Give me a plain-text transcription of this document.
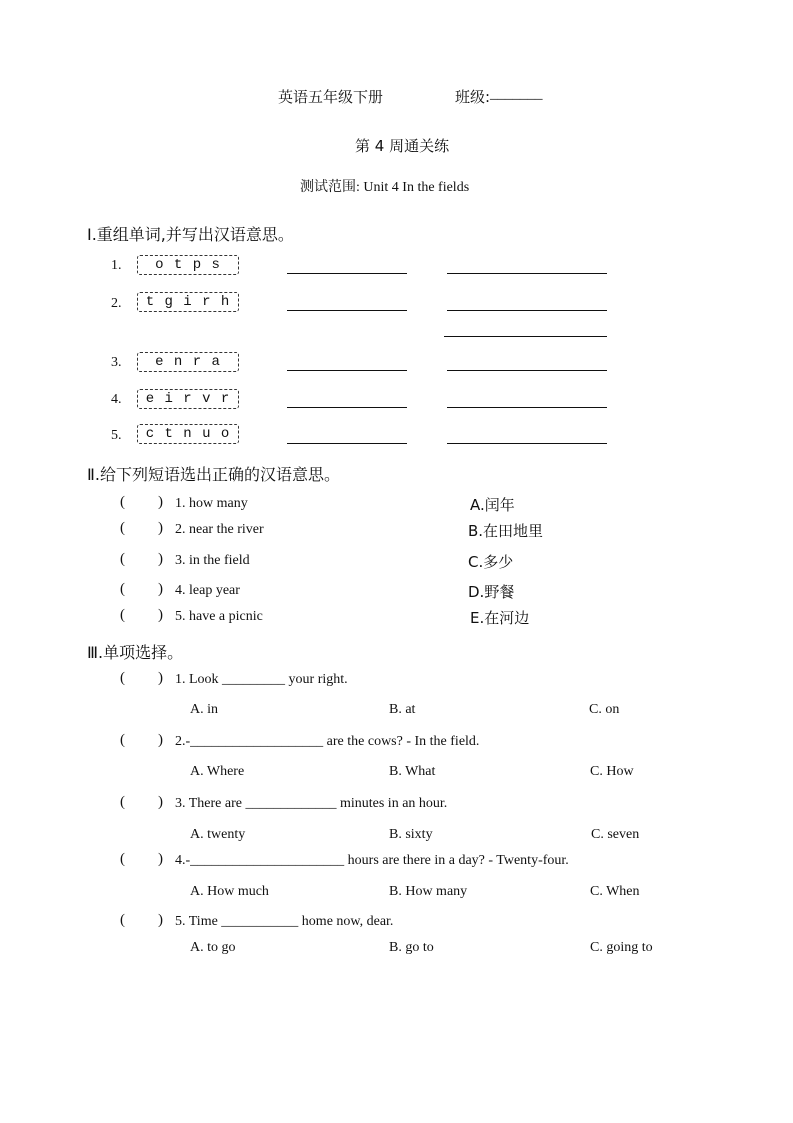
英语五年级下册	班级: _______
第 4 周通关练
测试范围: Unit 4 In the fields
I.重组单词,并写出汉语意思。
1.	o t p s
2.	t g i r h
3.	e n r a
4.	e i r v r
5.	c t n u o
Ⅱ.给下列短语选出正确的汉语意思。
( ) 1. how many	A.闰年
( ) 2. near the river	B.在田地里
( ) 3. in the field	C.多少
( ) 4. leap year	D.野餐
( ) 5. have a picnic	E.在河边
Ⅲ.单项选择。
( ) 1. Look _________ your right.
A. in	B. at	C. on
( ) 2.-___________________ are the cows? - In the field.
A. Where	B. What	C. How
( ) 3. There are _____________ minutes in an hour.
A. twenty	B. sixty	C. seven
( ) 4.-______________________ hours are there in a day? - Twenty-four.
A. How much	B. How many	C. When
( ) 5. Time ___________ home now, dear.
A. to go	B. go to	C. going to
